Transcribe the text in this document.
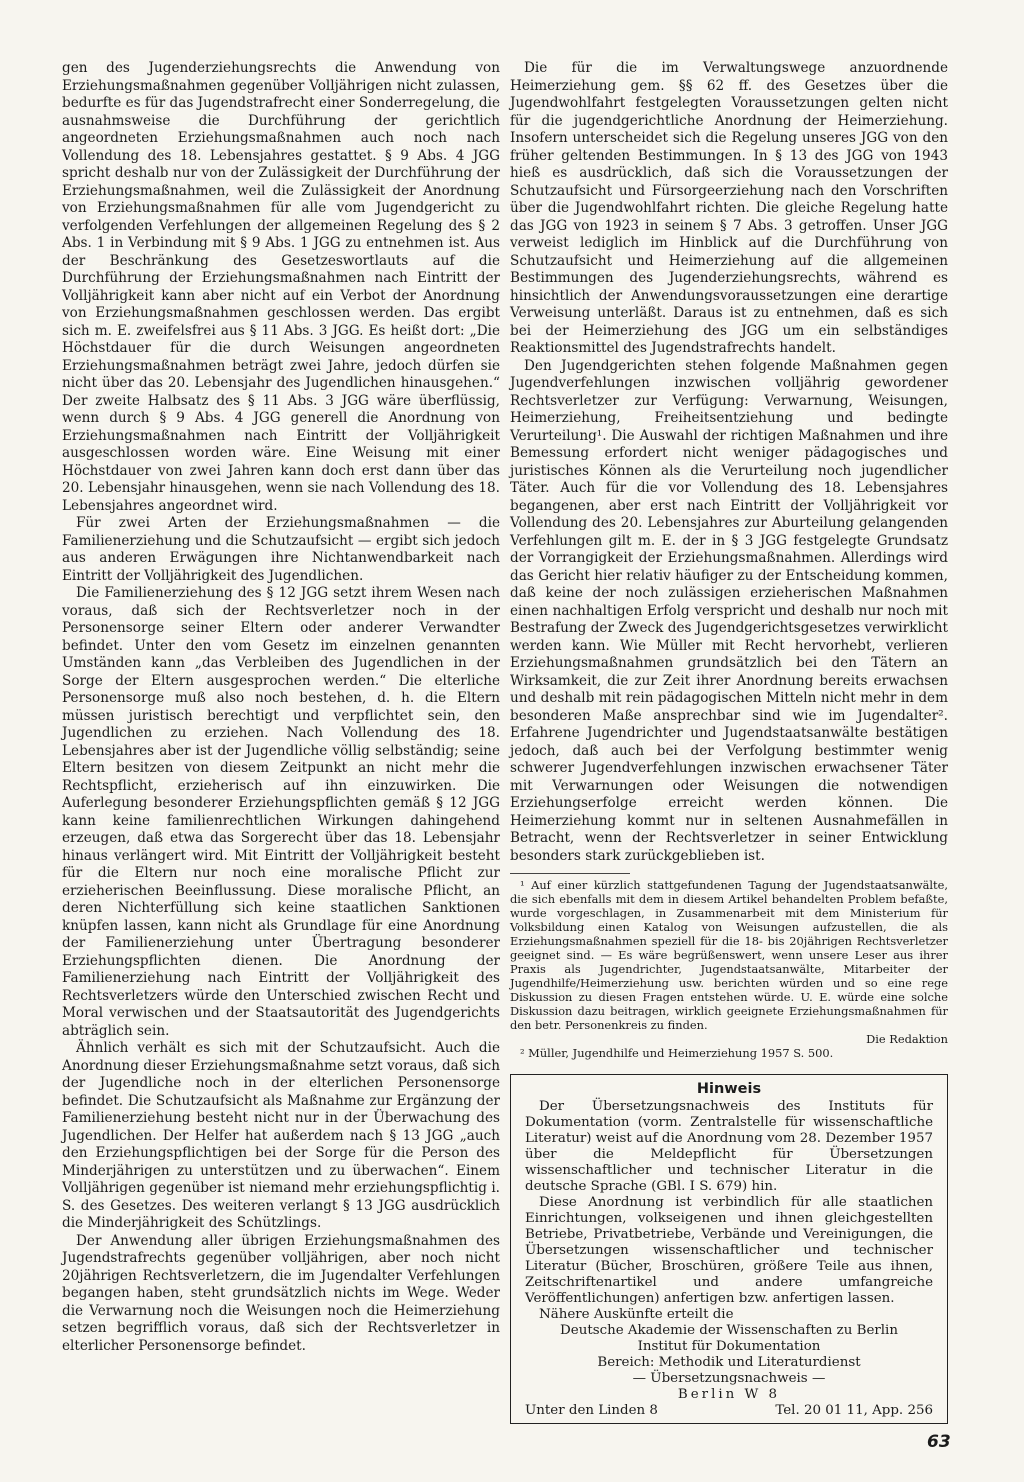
gen des Jugenderziehungsrechts die Anwendung von Erziehungsmaßnahmen gegenüber Volljährigen nicht zulassen, bedurfte es für das Jugendstrafrecht einer Sonderregelung, die ausnahmsweise die Durchführung der gerichtlich angeordneten Erziehungsmaßnahmen auch noch nach Vollendung des 18. Lebensjahres gestattet. § 9 Abs. 4 JGG spricht deshalb nur von der Zulässigkeit der Durchführung der Erziehungsmaßnahmen, weil die Zulässigkeit der Anordnung von Erziehungsmaßnahmen für alle vom Jugendgericht zu verfolgenden Verfehlungen der allgemeinen Regelung des § 2 Abs. 1 in Verbindung mit § 9 Abs. 1 JGG zu entnehmen ist. Aus der Beschränkung des Gesetzeswortlauts auf die Durchführung der Erziehungsmaßnahmen nach Eintritt der Volljährigkeit kann aber nicht auf ein Verbot der Anordnung von Erziehungsmaßnahmen geschlossen werden. Das ergibt sich m. E. zweifelsfrei aus § 11 Abs. 3 JGG. Es heißt dort: „Die Höchstdauer für die durch Weisungen angeordneten Erziehungsmaßnahmen beträgt zwei Jahre, jedoch dürfen sie nicht über das 20. Lebensjahr des Jugendlichen hinausgehen.“ Der zweite Halbsatz des § 11 Abs. 3 JGG wäre überflüssig, wenn durch § 9 Abs. 4 JGG generell die Anordnung von Erziehungsmaßnahmen nach Eintritt der Volljährigkeit ausgeschlossen worden wäre. Eine Weisung mit einer Höchstdauer von zwei Jahren kann doch erst dann über das 20. Lebensjahr hinausgehen, wenn sie nach Vollendung des 18. Lebensjahres angeordnet wird.

Für zwei Arten der Erziehungsmaßnahmen — die Familienerziehung und die Schutzaufsicht — ergibt sich jedoch aus anderen Erwägungen ihre Nichtanwendbarkeit nach Eintritt der Volljährigkeit des Jugendlichen.

Die Familienerziehung des § 12 JGG setzt ihrem Wesen nach voraus, daß sich der Rechtsverletzer noch in der Personensorge seiner Eltern oder anderer Verwandter befindet. Unter den vom Gesetz im einzelnen genannten Umständen kann „das Verbleiben des Jugendlichen in der Sorge der Eltern ausgesprochen werden.“ Die elterliche Personensorge muß also noch bestehen, d. h. die Eltern müssen juristisch berechtigt und verpflichtet sein, den Jugendlichen zu erziehen. Nach Vollendung des 18. Lebensjahres aber ist der Jugendliche völlig selbständig; seine Eltern besitzen von diesem Zeitpunkt an nicht mehr die Rechtspflicht, erzieherisch auf ihn einzuwirken. Die Auferlegung besonderer Erziehungspflichten gemäß § 12 JGG kann keine familienrechtlichen Wirkungen dahingehend erzeugen, daß etwa das Sorgerecht über das 18. Lebensjahr hinaus verlängert wird. Mit Eintritt der Volljährigkeit besteht für die Eltern nur noch eine moralische Pflicht zur erzieherischen Beeinflussung. Diese moralische Pflicht, an deren Nichterfüllung sich keine staatlichen Sanktionen knüpfen lassen, kann nicht als Grundlage für eine Anordnung der Familienerziehung unter Übertragung besonderer Erziehungspflichten dienen. Die Anordnung der Familienerziehung nach Eintritt der Volljährigkeit des Rechtsverletzers würde den Unterschied zwischen Recht und Moral verwischen und der Staatsautorität des Jugendgerichts abträglich sein.

Ähnlich verhält es sich mit der Schutzaufsicht. Auch die Anordnung dieser Erziehungsmaßnahme setzt voraus, daß sich der Jugendliche noch in der elterlichen Personensorge befindet. Die Schutzaufsicht als Maßnahme zur Ergänzung der Familienerziehung besteht nicht nur in der Überwachung des Jugendlichen. Der Helfer hat außerdem nach § 13 JGG „auch den Erziehungspflichtigen bei der Sorge für die Person des Minderjährigen zu unterstützen und zu überwachen“. Einem Volljährigen gegenüber ist niemand mehr erziehungspflichtig i. S. des Gesetzes. Des weiteren verlangt § 13 JGG ausdrücklich die Minderjährigkeit des Schützlings.

Der Anwendung aller übrigen Erziehungsmaßnahmen des Jugendstrafrechts gegenüber volljährigen, aber noch nicht 20jährigen Rechtsverletzern, die im Jugendalter Verfehlungen begangen haben, steht grundsätzlich nichts im Wege. Weder die Verwarnung noch die Weisungen noch die Heimerziehung setzen begrifflich voraus, daß sich der Rechtsverletzer in elterlicher Personensorge befindet.

Die für die im Verwaltungswege anzuordnende Heimerziehung gem. §§ 62 ff. des Gesetzes über die Jugendwohlfahrt festgelegten Voraussetzungen gelten nicht für die jugendgerichtliche Anordnung der Heimerziehung. Insofern unterscheidet sich die Regelung unseres JGG von den früher geltenden Bestimmungen. In § 13 des JGG von 1943 hieß es ausdrücklich, daß sich die Voraussetzungen der Schutzaufsicht und Fürsorgeerziehung nach den Vorschriften über die Jugendwohlfahrt richten. Die gleiche Regelung hatte das JGG von 1923 in seinem § 7 Abs. 3 getroffen. Unser JGG verweist lediglich im Hinblick auf die Durchführung von Schutzaufsicht und Heimerziehung auf die allgemeinen Bestimmungen des Jugenderziehungsrechts, während es hinsichtlich der Anwendungsvoraussetzungen eine derartige Verweisung unterläßt. Daraus ist zu entnehmen, daß es sich bei der Heimerziehung des JGG um ein selbständiges Reaktionsmittel des Jugendstrafrechts handelt.

Den Jugendgerichten stehen folgende Maßnahmen gegen Jugendverfehlungen inzwischen volljährig gewordener Rechtsverletzer zur Verfügung: Verwarnung, Weisungen, Heimerziehung, Freiheitsentziehung und bedingte Verurteilung¹. Die Auswahl der richtigen Maßnahmen und ihre Bemessung erfordert nicht weniger pädagogisches und juristisches Können als die Verurteilung noch jugendlicher Täter. Auch für die vor Vollendung des 18. Lebensjahres begangenen, aber erst nach Eintritt der Volljährigkeit vor Vollendung des 20. Lebensjahres zur Aburteilung gelangenden Verfehlungen gilt m. E. der in § 3 JGG festgelegte Grundsatz der Vorrangigkeit der Erziehungsmaßnahmen. Allerdings wird das Gericht hier relativ häufiger zu der Entscheidung kommen, daß keine der noch zulässigen erzieherischen Maßnahmen einen nachhaltigen Erfolg verspricht und deshalb nur noch mit Bestrafung der Zweck des Jugendgerichtsgesetzes verwirklicht werden kann. Wie Müller mit Recht hervorhebt, verlieren Erziehungsmaßnahmen grundsätzlich bei den Tätern an Wirksamkeit, die zur Zeit ihrer Anordnung bereits erwachsen und deshalb mit rein pädagogischen Mitteln nicht mehr in dem besonderen Maße ansprechbar sind wie im Jugendalter². Erfahrene Jugendrichter und Jugendstaatsanwälte bestätigen jedoch, daß auch bei der Verfolgung bestimmter wenig schwerer Jugendverfehlungen inzwischen erwachsener Täter mit Verwarnungen oder Weisungen die notwendigen Erziehungserfolge erreicht werden können. Die Heimerziehung kommt nur in seltenen Ausnahmefällen in Betracht, wenn der Rechtsverletzer in seiner Entwicklung besonders stark zurückgeblieben ist.

¹ Auf einer kürzlich stattgefundenen Tagung der Jugendstaatsanwälte, die sich ebenfalls mit dem in diesem Artikel behandelten Problem befaßte, wurde vorgeschlagen, in Zusammenarbeit mit dem Ministerium für Volksbildung einen Katalog von Weisungen aufzustellen, die als Erziehungsmaßnahmen speziell für die 18- bis 20jährigen Rechtsverletzer geeignet sind. — Es wäre begrüßenswert, wenn unsere Leser aus ihrer Praxis als Jugendrichter, Jugendstaatsanwälte, Mitarbeiter der Jugendhilfe/Heimerziehung usw. berichten würden und so eine rege Diskussion zu diesen Fragen entstehen würde. U. E. würde eine solche Diskussion dazu beitragen, wirklich geeignete Erziehungsmaßnahmen für den betr. Personenkreis zu finden.

Die Redaktion

² Müller, Jugendhilfe und Heimerziehung 1957 S. 500.

Hinweis

Der Übersetzungsnachweis des Instituts für Dokumentation (vorm. Zentralstelle für wissenschaftliche Literatur) weist auf die Anordnung vom 28. Dezember 1957 über die Meldepflicht für Übersetzungen wissenschaftlicher und technischer Literatur in die deutsche Sprache (GBl. I S. 679) hin.

Diese Anordnung ist verbindlich für alle staatlichen Einrichtungen, volkseigenen und ihnen gleichgestellten Betriebe, Privatbetriebe, Verbände und Vereinigungen, die Übersetzungen wissenschaftlicher und technischer Literatur (Bücher, Broschüren, größere Teile aus ihnen, Zeitschriftenartikel und andere umfangreiche Veröffentlichungen) anfertigen bzw. anfertigen lassen.

Nähere Auskünfte erteilt die

Deutsche Akademie der Wissenschaften zu Berlin

Institut für Dokumentation

Bereich: Methodik und Literaturdienst

— Übersetzungsnachweis —

Berlin W 8

Unter den Linden 8	Tel. 20 01 11, App. 256

63
